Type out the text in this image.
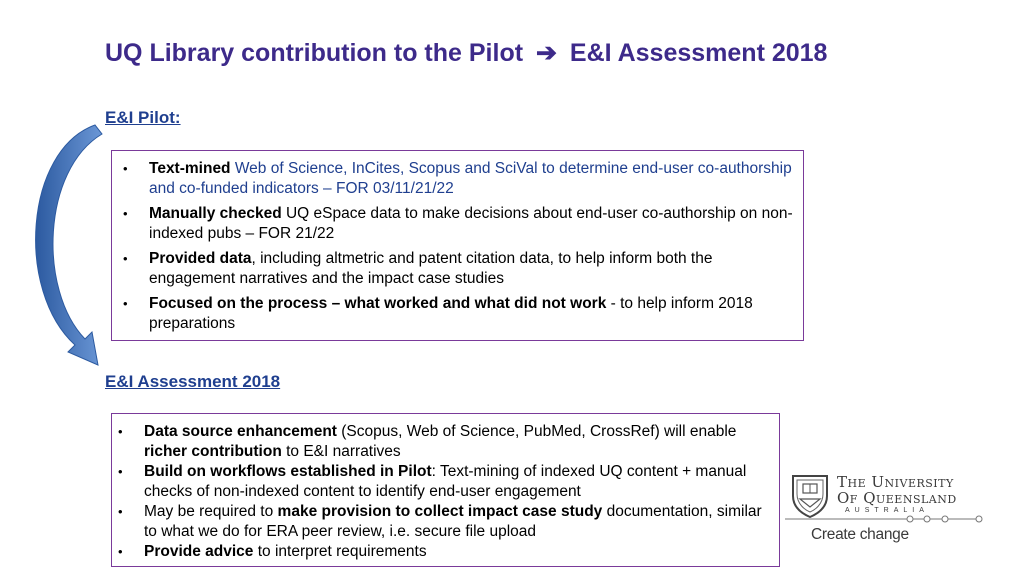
UQ Library contribution to the Pilot ➔ E&I Assessment 2018
E&I Pilot:
• Text-mined Web of Science, InCites, Scopus and SciVal to determine end-user co-authorship and co-funded indicators – FOR 03/11/21/22
• Manually checked UQ eSpace data to make decisions about end-user co-authorship on non-indexed pubs – FOR 21/22
• Provided data, including altmetric and patent citation data, to help inform both the engagement narratives and the impact case studies
• Focused on the process – what worked and what did not work - to help inform 2018 preparations
E&I Assessment 2018
• Data source enhancement (Scopus, Web of Science, PubMed, CrossRef) will enable richer contribution to E&I narratives
• Build on workflows established in Pilot: Text-mining of indexed UQ content + manual checks of non-indexed content to identify end-user engagement
• May be required to make provision to collect impact case study documentation, similar to what we do for ERA peer review, i.e. secure file upload
• Provide advice to interpret requirements
The University
Of Queensland
AUSTRALIA
Create change
